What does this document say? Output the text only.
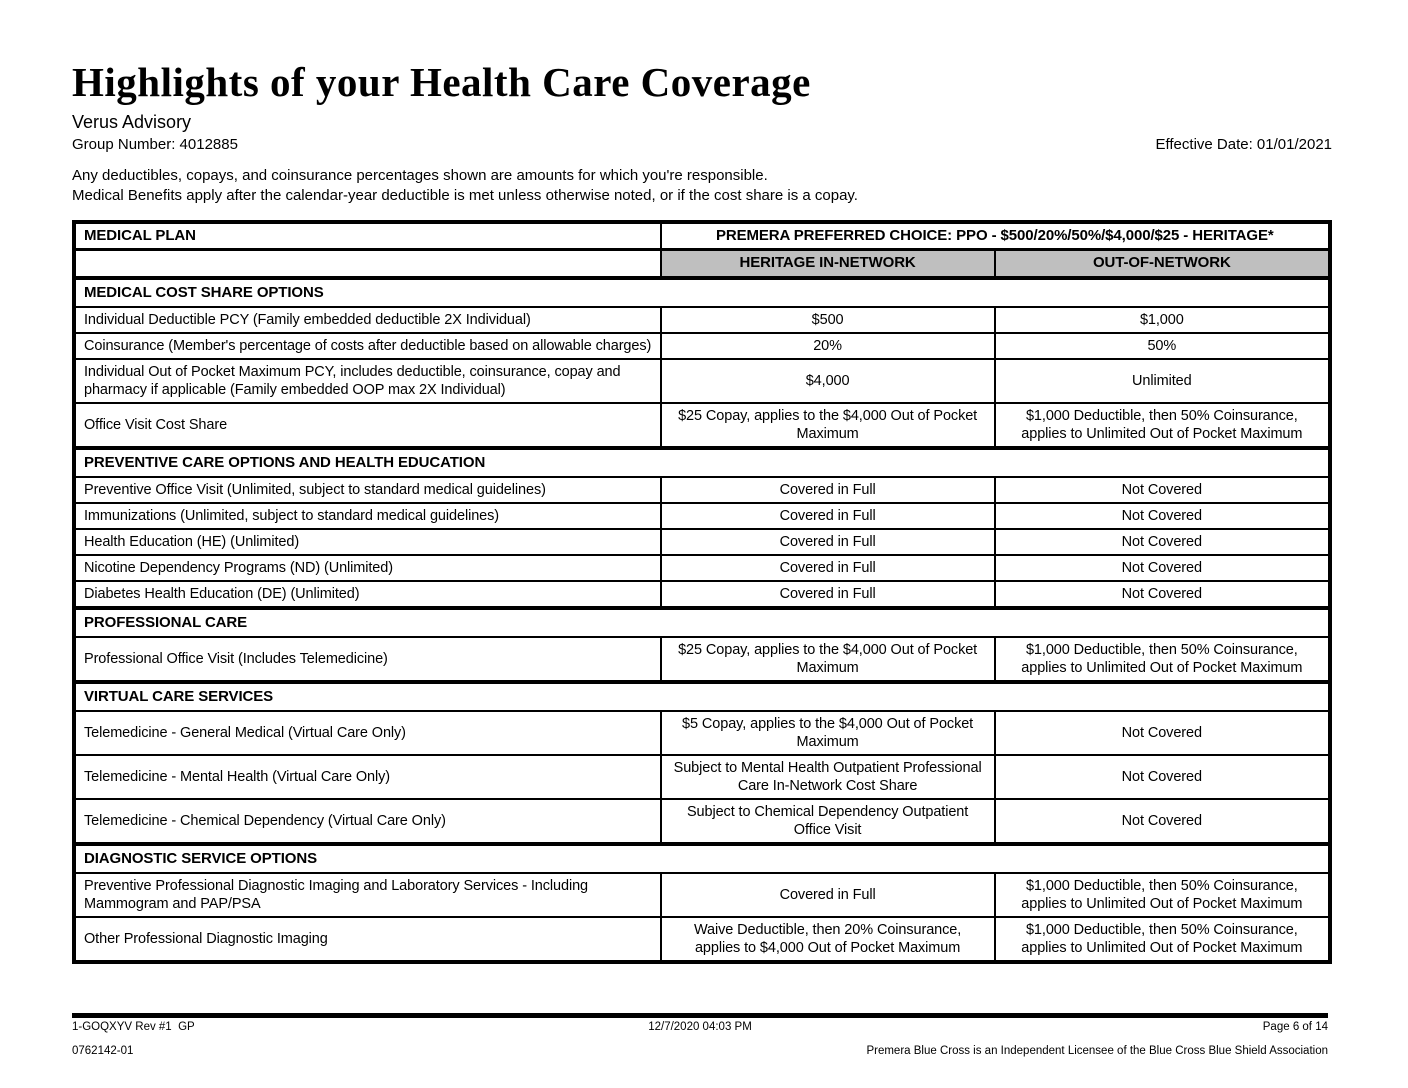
Highlights of your Health Care Coverage
Verus Advisory
Group Number: 4012885	Effective Date: 01/01/2021
Any deductibles, copays, and coinsurance percentages shown are amounts for which you're responsible.
Medical Benefits apply after the calendar-year deductible is met unless otherwise noted, or if the cost share is a copay.
MEDICAL PLAN	PREMERA PREFERRED CHOICE: PPO - $500/20%/50%/$4,000/$25 - HERITAGE*	
	HERITAGE IN-NETWORK	OUT-OF-NETWORK
MEDICAL COST SHARE OPTIONS		
Individual Deductible PCY (Family embedded deductible 2X Individual)	$500	$1,000
Coinsurance (Member's percentage of costs after deductible based on allowable charges)	20%	50%
Individual Out of Pocket Maximum PCY, includes deductible, coinsurance, copay and pharmacy if applicable (Family embedded OOP max 2X Individual)	$4,000	Unlimited
Office Visit Cost Share	$25 Copay, applies to the $4,000 Out of Pocket Maximum	$1,000 Deductible, then 50% Coinsurance, applies to Unlimited Out of Pocket Maximum
PREVENTIVE CARE OPTIONS AND HEALTH EDUCATION		
Preventive Office Visit (Unlimited, subject to standard medical guidelines)	Covered in Full	Not Covered
Immunizations (Unlimited, subject to standard medical guidelines)	Covered in Full	Not Covered
Health Education (HE) (Unlimited)	Covered in Full	Not Covered
Nicotine Dependency Programs (ND) (Unlimited)	Covered in Full	Not Covered
Diabetes Health Education (DE) (Unlimited)	Covered in Full	Not Covered
PROFESSIONAL CARE		
Professional Office Visit (Includes Telemedicine)	$25 Copay, applies to the $4,000 Out of Pocket Maximum	$1,000 Deductible, then 50% Coinsurance, applies to Unlimited Out of Pocket Maximum
VIRTUAL CARE SERVICES		
Telemedicine - General Medical (Virtual Care Only)	$5 Copay, applies to the $4,000 Out of Pocket Maximum	Not Covered
Telemedicine - Mental Health (Virtual Care Only)	Subject to Mental Health Outpatient Professional Care In-Network Cost Share	Not Covered
Telemedicine - Chemical Dependency (Virtual Care Only)	Subject to Chemical Dependency Outpatient Office Visit	Not Covered
DIAGNOSTIC SERVICE OPTIONS		
Preventive Professional Diagnostic Imaging and Laboratory Services - Including Mammogram and PAP/PSA	Covered in Full	$1,000 Deductible, then 50% Coinsurance, applies to Unlimited Out of Pocket Maximum
Other Professional Diagnostic Imaging	Waive Deductible, then 20% Coinsurance, applies to $4,000 Out of Pocket Maximum	$1,000 Deductible, then 50% Coinsurance, applies to Unlimited Out of Pocket Maximum
1-GOQXYV Rev #1  GP	12/7/2020 04:03 PM	Page 6 of 14
0762142-01	Premera Blue Cross is an Independent Licensee of the Blue Cross Blue Shield Association
